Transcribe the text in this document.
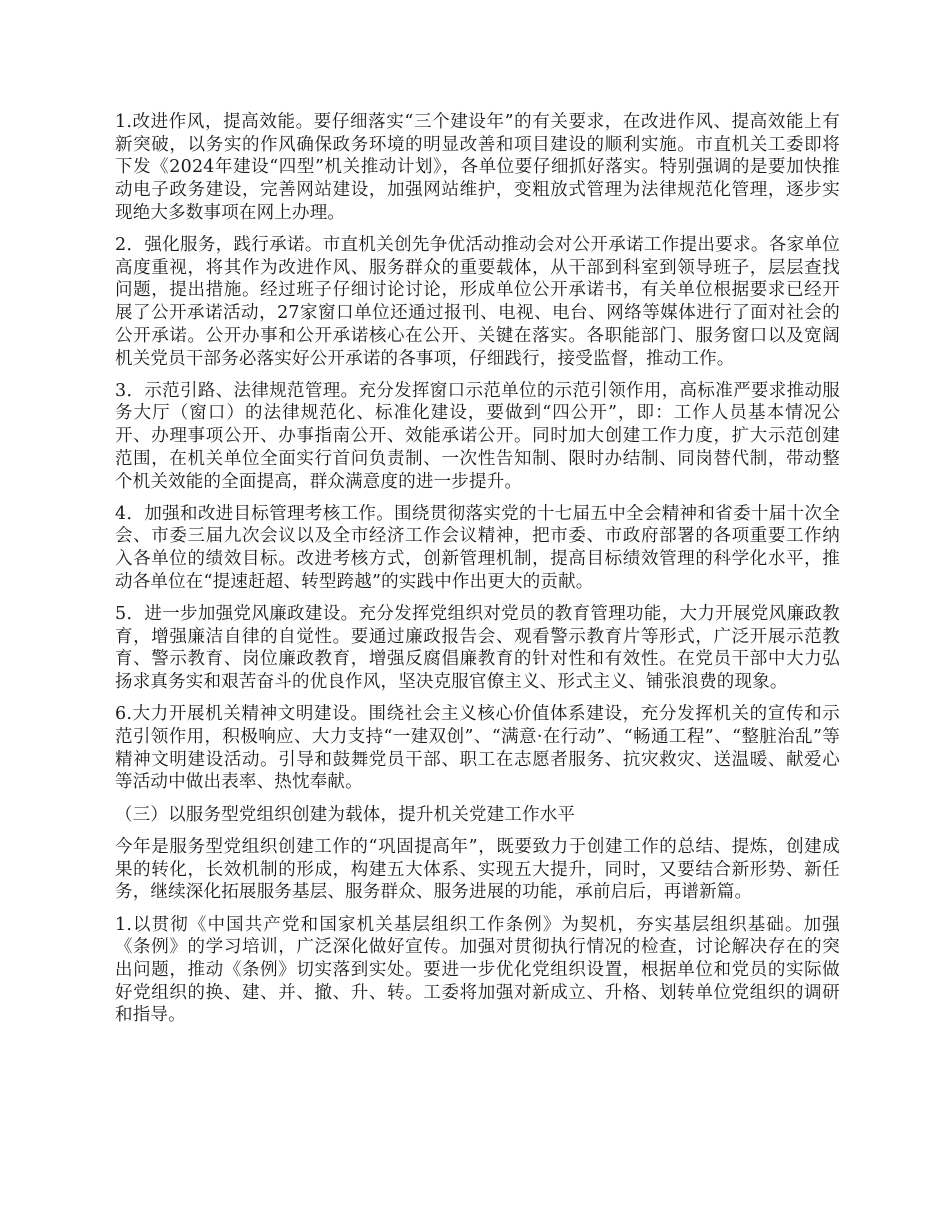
1.改进作风，提高效能。要仔细落实“三个建设年”的有关要求，在改进作风、提高效能上有新突破，以务实的作风确保政务环境的明显改善和项目建设的顺利实施。市直机关工委即将下发《2024年建设“四型”机关推动计划》，各单位要仔细抓好落实。特别强调的是要加快推动电子政务建设，完善网站建设，加强网站维护，变粗放式管理为法律规范化管理，逐步实现绝大多数事项在网上办理。

2．强化服务，践行承诺。市直机关创先争优活动推动会对公开承诺工作提出要求。各家单位高度重视，将其作为改进作风、服务群众的重要载体，从干部到科室到领导班子，层层查找问题，提出措施。经过班子仔细讨论讨论，形成单位公开承诺书，有关单位根据要求已经开展了公开承诺活动，27家窗口单位还通过报刊、电视、电台、网络等媒体进行了面对社会的公开承诺。公开办事和公开承诺核心在公开、关键在落实。各职能部门、服务窗口以及宽阔机关党员干部务必落实好公开承诺的各事项，仔细践行，接受监督，推动工作。

3．示范引路、法律规范管理。充分发挥窗口示范单位的示范引领作用，高标准严要求推动服务大厅（窗口）的法律规范化、标准化建设，要做到“四公开”，即：工作人员基本情况公开、办理事项公开、办事指南公开、效能承诺公开。同时加大创建工作力度，扩大示范创建范围，在机关单位全面实行首问负责制、一次性告知制、限时办结制、同岗替代制，带动整个机关效能的全面提高，群众满意度的进一步提升。

4．加强和改进目标管理考核工作。围绕贯彻落实党的十七届五中全会精神和省委十届十次全会、市委三届九次会议以及全市经济工作会议精神，把市委、市政府部署的各项重要工作纳入各单位的绩效目标。改进考核方式，创新管理机制，提高目标绩效管理的科学化水平，推动各单位在“提速赶超、转型跨越”的实践中作出更大的贡献。

5．进一步加强党风廉政建设。充分发挥党组织对党员的教育管理功能，大力开展党风廉政教育，增强廉洁自律的自觉性。要通过廉政报告会、观看警示教育片等形式，广泛开展示范教育、警示教育、岗位廉政教育，增强反腐倡廉教育的针对性和有效性。在党员干部中大力弘扬求真务实和艰苦奋斗的优良作风，坚决克服官僚主义、形式主义、铺张浪费的现象。

6.大力开展机关精神文明建设。围绕社会主义核心价值体系建设，充分发挥机关的宣传和示范引领作用，积极响应、大力支持“一建双创”、“满意·在行动”、“畅通工程”、“整脏治乱”等精神文明建设活动。引导和鼓舞党员干部、职工在志愿者服务、抗灾救灾、送温暖、献爱心等活动中做出表率、热忱奉献。

（三）以服务型党组织创建为载体，提升机关党建工作水平

今年是服务型党组织创建工作的“巩固提高年”，既要致力于创建工作的总结、提炼，创建成果的转化，长效机制的形成，构建五大体系、实现五大提升，同时，又要结合新形势、新任务，继续深化拓展服务基层、服务群众、服务进展的功能，承前启后，再谱新篇。

1.以贯彻《中国共产党和国家机关基层组织工作条例》为契机，夯实基层组织基础。加强《条例》的学习培训，广泛深化做好宣传。加强对贯彻执行情况的检查，讨论解决存在的突出问题，推动《条例》切实落到实处。要进一步优化党组织设置，根据单位和党员的实际做好党组织的换、建、并、撤、升、转。工委将加强对新成立、升格、划转单位党组织的调研和指导。
